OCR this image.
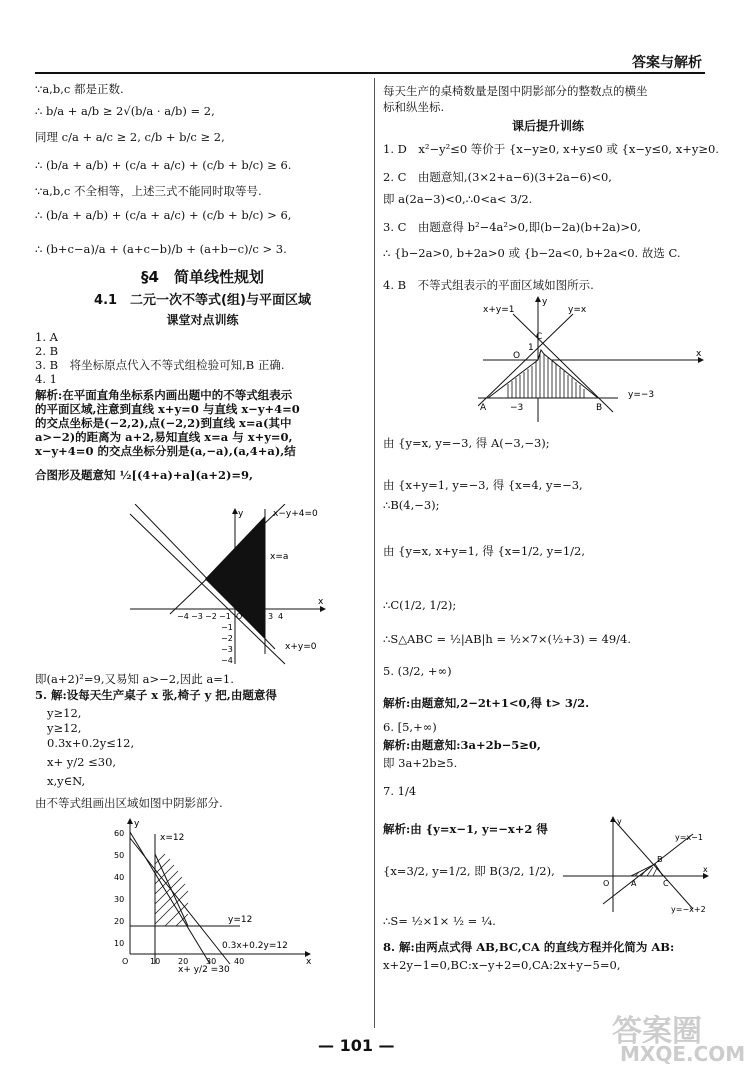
答案与解析
∵a,b,c 都是正数.
∴ b/a + a/b ≥ 2√(b/a · a/b) = 2,
同理 c/a + a/c ≥ 2, c/b + b/c ≥ 2,
∴ (b/a + a/b) + (c/a + a/c) + (c/b + b/c) ≥ 6.
∵a,b,c 不全相等，上述三式不能同时取等号.
∴ (b/a + a/b) + (c/a + a/c) + (c/b + b/c) > 6,
∴ (b+c−a)/a + (a+c−b)/b + (a+b−c)/c > 3.
§4　简单线性规划
4.1　二元一次不等式(组)与平面区域
课堂对点训练
1. A
2. B
3. B　将坐标原点代入不等式组检验可知,B 正确.
4. 1
解析:在平面直角坐标系内画出题中的不等式组表示
的平面区域,注意到直线 x+y=0 与直线 x−y+4=0
的交点坐标是(−2,2),点(−2,2)到直线 x=a(其中
a>−2)的距离为 a+2,易知直线 x=a 与 x+y=0,
x−y+4=0 的交点坐标分别是(a,−a),(a,4+a),结
合图形及题意知 ½[(4+a)+a](a+2)=9,
x−y+4=0
x=a
x+y=0
y
x
−4 −3 −2 −1 O	3 4
−1
−2
−3
−4
即(a+2)²=9,又易知 a>−2,因此 a=1.
5. 解:设每天生产桌子 x 张,椅子 y 把,由题意得
y≥12,
y≥12,
0.3x+0.2y≤12,
x+ y/2 ≤30,
x,y∈N,
由不等式组画出区域如图中阴影部分.
y
x
60
50
40
30
20
10
O	10 20 30 40
x=12
y=12
0.3x+0.2y=12
x+ y/2 =30
每天生产的桌椅数量是图中阴影部分的整数点的横坐
标和纵坐标.
课后提升训练
1. D　x²−y²≤0 等价于 {x−y≥0, x+y≤0 或 {x−y≤0, x+y≥0.
2. C　由题意知,(3×2+a−6)(3+2a−6)<0,
即 a(2a−3)<0,∴0<a< 3/2.
3. C　由题意得 b²−4a²>0,即(b−2a)(b+2a)>0,
∴ {b−2a>0, b+2a>0 或 {b−2a<0, b+2a<0. 故选 C.
4. B　不等式组表示的平面区域如图所示.
x+y=1	y=x
y=−3
A	B
C
O
−3
1
y
x
由 {y=x, y=−3, 得 A(−3,−3);
由 {x+y=1, y=−3, 得 {x=4, y=−3,
∴B(4,−3);
由 {y=x, x+y=1, 得 {x=1/2, y=1/2,
∴C(1/2, 1/2);
∴S△ABC = ½|AB|h = ½×7×(½+3) = 49/4.
5. (3/2, +∞)
解析:由题意知,2−2t+1<0,得 t> 3/2.
6. [5,+∞)
解析:由题意知:3a+2b−5≥0,
即 3a+2b≥5.
7. 1/4
解析:由 {y=x−1, y=−x+2 得
{x=3/2, y=1/2, 即 B(3/2, 1/2),
∴S= ½×1× ½ = ¼.
y=x−1
y=−x+2
A
B
C
O
y
x
8. 解:由两点式得 AB,BC,CA 的直线方程并化简为 AB:
x+2y−1=0,BC:x−y+2=0,CA:2x+y−5=0,
— 101 —	答案圈
MXQE.COM
